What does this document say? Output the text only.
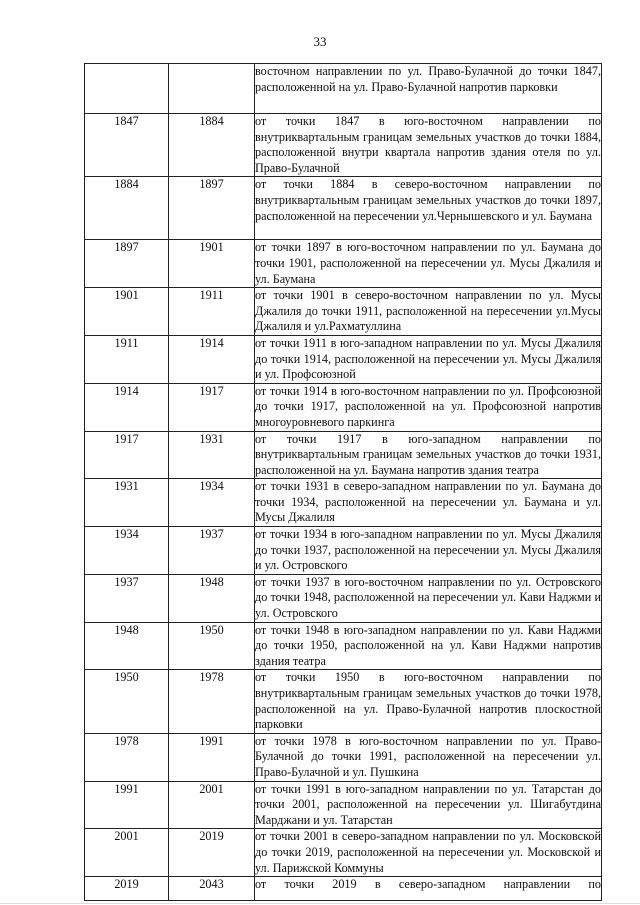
33
		восточном направлении по ул. Право-Булачной до точки 1847, расположенной на ул. Право-Булачной напротив парковки
1847	1884	от точки 1847 в юго-восточном направлении по внутриквартальным границам земельных участков до точки 1884, расположенной внутри квартала напротив здания отеля по ул. Право-Булачной
1884	1897	от точки 1884 в северо-восточном направлении по внутриквартальным границам земельных участков до точки 1897, расположенной на пересечении ул.Чернышевского и ул. Баумана
1897	1901	от точки 1897 в юго-восточном направлении по ул. Баумана до точки 1901, расположенной на пересечении ул. Мусы Джалиля и ул. Баумана
1901	1911	от точки 1901 в северо-восточном направлении по ул. Мусы Джалиля до точки 1911, расположенной на пересечении ул.Мусы Джалиля и ул.Рахматуллина
1911	1914	от точки 1911 в юго-западном направлении по ул. Мусы Джалиля до точки 1914, расположенной на пересечении ул. Мусы Джалиля и ул. Профсоюзной
1914	1917	от точки 1914 в юго-восточном направлении по ул. Профсоюзной до точки 1917, расположенной на ул. Профсоюзной напротив многоуровневого паркинга
1917	1931	от точки 1917 в юго-западном направлении по внутриквартальным границам земельных участков до точки 1931, расположенной на ул. Баумана напротив здания театра
1931	1934	от точки 1931 в северо-западном направлении по ул. Баумана до точки 1934, расположенной на пересечении ул. Баумана и ул. Мусы Джалиля
1934	1937	от точки 1934 в юго-западном направлении по ул. Мусы Джалиля до точки 1937, расположенной на пересечении ул. Мусы Джалиля и ул. Островского
1937	1948	от точки 1937 в юго-восточном направлении по ул. Островского до точки 1948, расположенной на пересечении ул. Кави Наджми и ул. Островского
1948	1950	от точки 1948 в юго-западном направлении по ул. Кави Наджми до точки 1950, расположенной на ул. Кави Наджми напротив здания театра
1950	1978	от точки 1950 в юго-восточном направлении по внутриквартальным границам земельных участков до точки 1978, расположенной на ул. Право-Булачной напротив плоскостной парковки
1978	1991	от точки 1978 в юго-восточном направлении по ул. Право-Булачной до точки 1991, расположенной на пересечении ул. Право-Булачной и ул. Пушкина
1991	2001	от точки 1991 в юго-западном направлении по ул. Татарстан до точки 2001, расположенной на пересечении ул. Шигабутдина Марджани и ул. Татарстан
2001	2019	от точки 2001 в северо-западном направлении по ул. Московской до точки 2019, расположенной на пересечении ул. Московской и ул. Парижской Коммуны
2019	2043	от точки 2019 в северо-западном направлении по
